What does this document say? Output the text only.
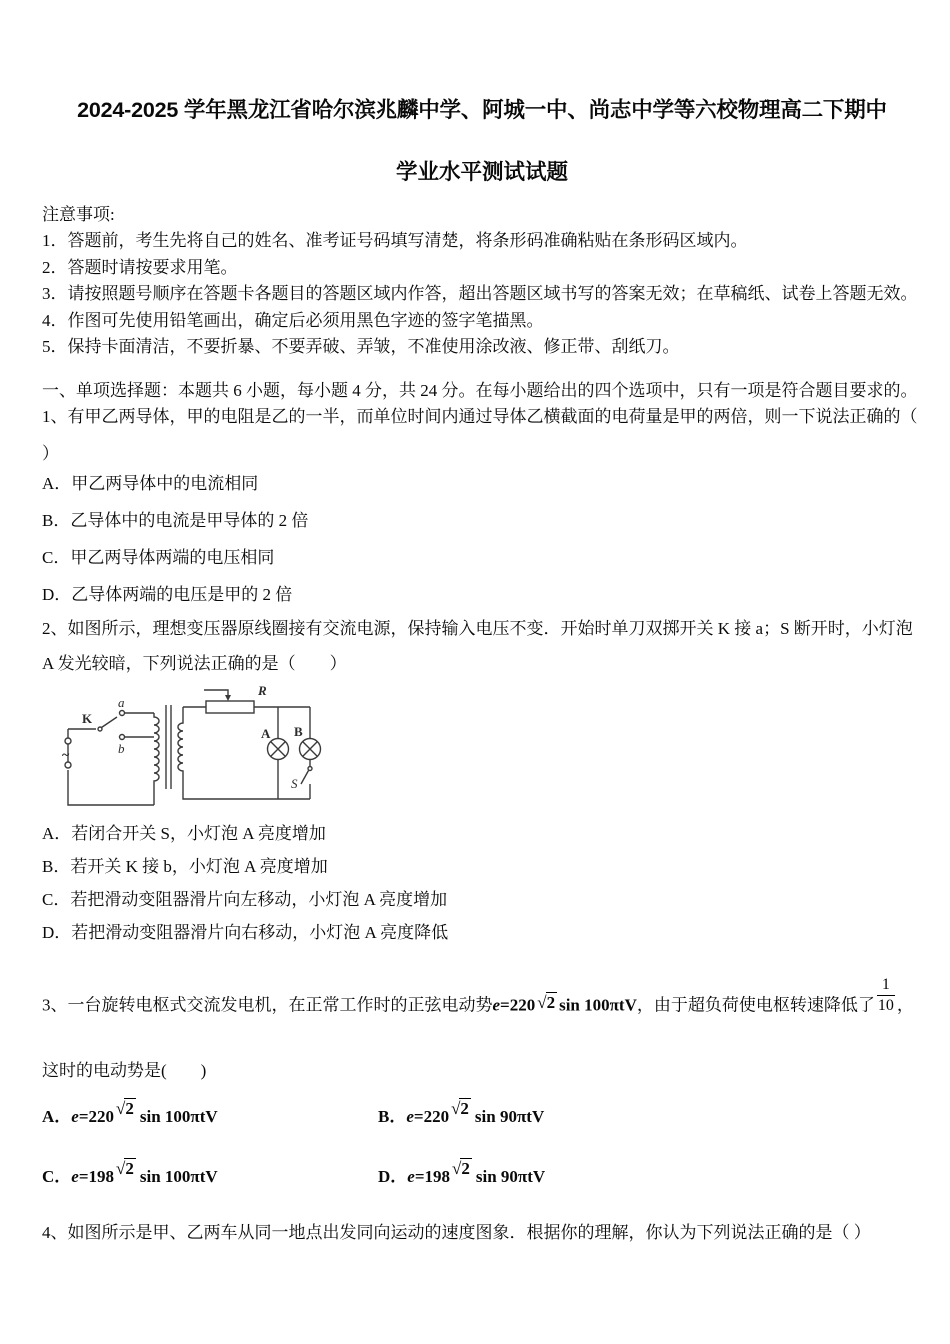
2024-2025 学年黑龙江省哈尔滨兆麟中学、阿城一中、尚志中学等六校物理高二下期中
学业水平测试试题
注意事项:
1．答题前，考生先将自己的姓名、准考证号码填写清楚，将条形码准确粘贴在条形码区域内。
2．答题时请按要求用笔。
3．请按照题号顺序在答题卡各题目的答题区域内作答，超出答题区域书写的答案无效；在草稿纸、试卷上答题无效。
4．作图可先使用铅笔画出，确定后必须用黑色字迹的签字笔描黑。
5．保持卡面清洁，不要折暴、不要弄破、弄皱，不准使用涂改液、修正带、刮纸刀。
一、单项选择题：本题共 6 小题，每小题 4 分，共 24 分。在每小题给出的四个选项中，只有一项是符合题目要求的。
1、有甲乙两导体，甲的电阻是乙的一半，而单位时间内通过导体乙横截面的电荷量是甲的两倍，则一下说法正确的（
）
A．甲乙两导体中的电流相同
B．乙导体中的电流是甲导体的 2 倍
C．甲乙两导体两端的电压相同
D．乙导体两端的电压是甲的 2 倍
2、如图所示，理想变压器原线圈接有交流电源，保持输入电压不变．开始时单刀双掷开关 K 接 a；S 断开时，小灯泡
A 发光较暗，下列说法正确的是（　　）
K
a
b
~
R
A B
S
A．若闭合开关 S，小灯泡 A 亮度增加
B．若开关 K 接 b，小灯泡 A 亮度增加
C．若把滑动变阻器滑片向左移动，小灯泡 A 亮度增加
D．若把滑动变阻器滑片向右移动，小灯泡 A 亮度降低
3、一台旋转电枢式交流发电机，在正常工作时的正弦电动势e=220 √2 sin 100πtV，由于超负荷使电枢转速降低了 $\frac{1}{10}$ ，
这时的电动势是(　　)
A．e=220 √2 sin 100πtV	B．e=220 √2 sin 90πtV
C．e=198 √2 sin 100πtV	D．e=198 √2 sin 90πtV
4、如图所示是甲、乙两车从同一地点出发同向运动的速度图象．根据你的理解，你认为下列说法正确的是（ ）
